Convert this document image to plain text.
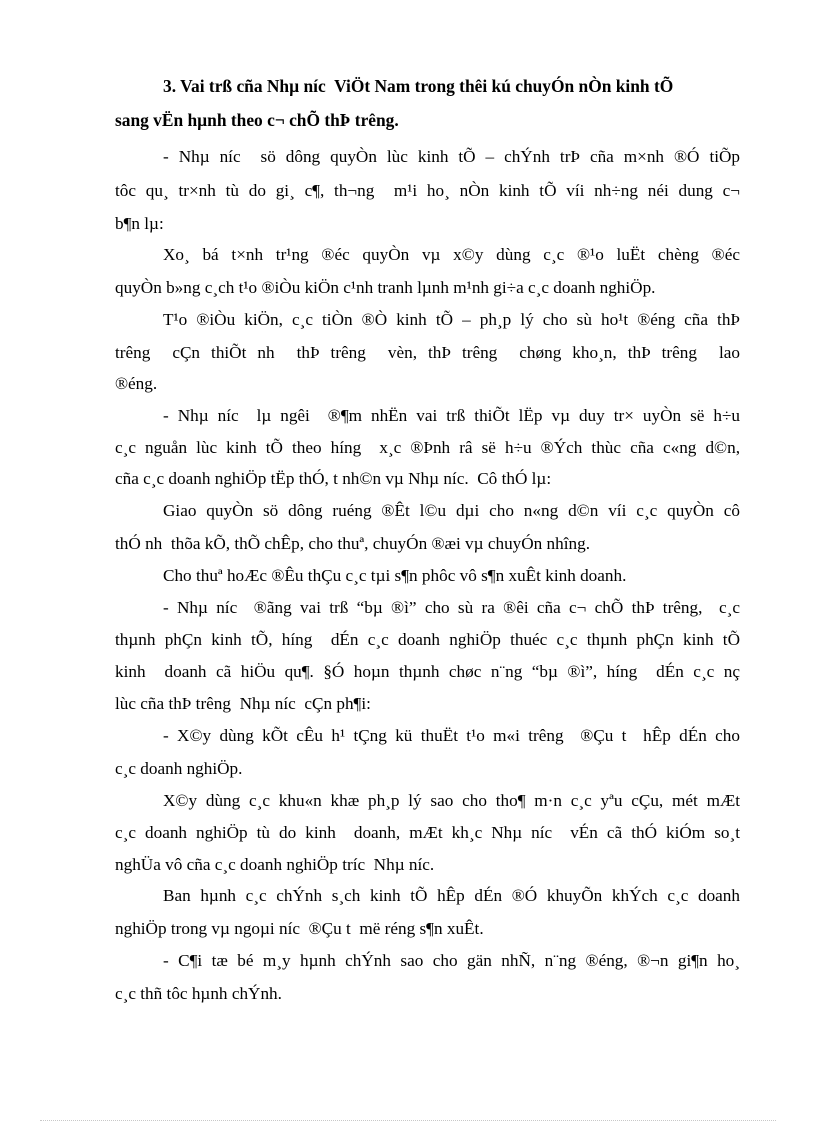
3. Vai trß cña Nhµ níc  ViÖt Nam trong thêi kú chuyÓn nÒn kinh tÕ
sang vËn hµnh theo c¬ chÕ thÞ trêng.
- Nhµ níc  sö dông quyÒn lùc kinh tÕ – chÝnh trÞ cña m×nh ®Ó tiÕp
tôc qu¸ tr×nh tù do gi¸ c¶, th¬ng  m¹i ho¸ nÒn kinh tÕ víi nh÷ng néi dung c¬
b¶n lµ:
Xo¸ bá t×nh tr¹ng ®éc quyÒn vµ x©y dùng c¸c ®¹o luËt chèng ®éc
quyÒn b»ng c¸ch t¹o ®iÒu kiÖn c¹nh tranh lµnh m¹nh gi÷a c¸c doanh nghiÖp.
T¹o ®iÒu kiÖn, c¸c tiÒn ®Ò kinh tÕ – ph¸p lý cho sù ho¹t ®éng cña thÞ
trêng  cÇn thiÕt nh  thÞ trêng  vèn, thÞ trêng  chøng kho¸n, thÞ trêng  lao
®éng.
- Nhµ níc  lµ ngêi  ®¶m nhËn vai trß thiÕt lËp vµ duy tr× uyÒn së h÷u
c¸c nguån lùc kinh tÕ theo híng  x¸c ®Þnh râ së h÷u ®Ých thùc cña c«ng d©n,
cña c¸c doanh nghiÖp tËp thÓ, t nh©n vµ Nhµ níc.  Cô thÓ lµ:
Giao quyÒn sö dông ruéng ®Êt l©u dµi cho n«ng d©n víi c¸c quyÒn cô
thÓ nh  thõa kÕ, thÕ chÊp, cho thuª, chuyÓn ®æi vµ chuyÓn nhîng.
Cho thuª hoÆc ®Êu thÇu c¸c tµi s¶n phôc vô s¶n xuÊt kinh doanh.
- Nhµ níc  ®ãng vai trß “bµ ®ì” cho sù ra ®êi cña c¬ chÕ thÞ trêng,  c¸c
thµnh phÇn kinh tÕ, híng  dÉn c¸c doanh nghiÖp thuéc c¸c thµnh phÇn kinh tÕ
kinh  doanh cã hiÖu qu¶. §Ó hoµn thµnh chøc n¨ng “bµ ®ì”, híng  dÉn c¸c nç
lùc cña thÞ trêng  Nhµ níc  cÇn ph¶i:
- X©y dùng kÕt cÊu h¹ tÇng kü thuËt t¹o m«i trêng  ®Çu t  hÊp dÉn cho
c¸c doanh nghiÖp.
X©y dùng c¸c khu«n khæ ph¸p lý sao cho tho¶ m·n c¸c yªu cÇu, mét mÆt
c¸c doanh nghiÖp tù do kinh  doanh, mÆt kh¸c Nhµ níc  vÉn cã thÓ kiÓm so¸t
nghÜa vô cña c¸c doanh nghiÖp tríc  Nhµ níc.
Ban hµnh c¸c chÝnh s¸ch kinh tÕ hÊp dÉn ®Ó khuyÕn khÝch c¸c doanh
nghiÖp trong vµ ngoµi níc  ®Çu t  më réng s¶n xuÊt.
- C¶i tæ bé m¸y hµnh chÝnh sao cho gän nhÑ, n¨ng ®éng, ®¬n gi¶n ho¸
c¸c thñ tôc hµnh chÝnh.
